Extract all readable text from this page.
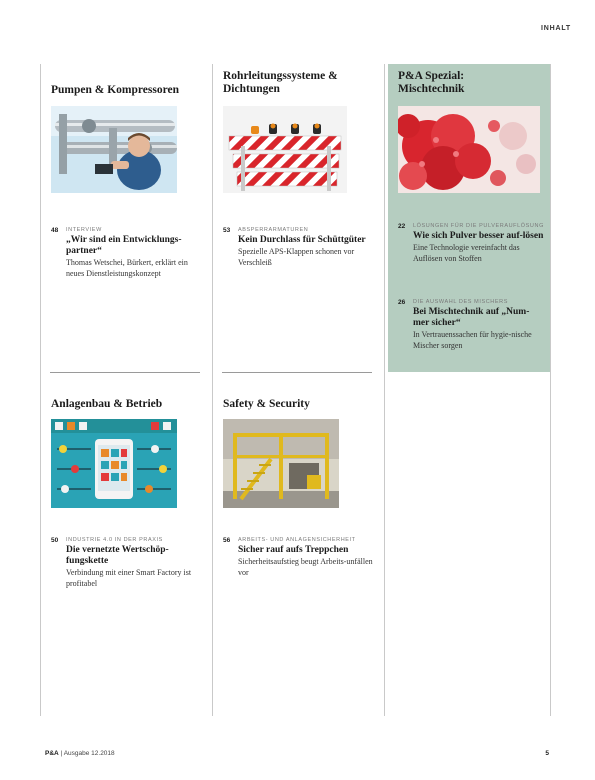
INHALT
Pumpen & Kompressoren
48	INTERVIEW
„Wir sind ein Entwicklungs-partner“
Thomas Wetschei, Bürkert, erklärt ein neues Dienstleistungskonzept
Rohrleitungssysteme & Dichtungen
53	ABSPERRARMATUREN
Kein Durchlass für Schüttgüter
Spezielle APS-Klappen schonen vor Verschleiß
P&A Spezial: Mischtechnik
22	LÖSUNGEN FÜR DIE PULVERAUFLÖSUNG
Wie sich Pulver besser auf-lösen
Eine Technologie vereinfacht das Auflösen von Stoffen
26	DIE AUSWAHL DES MISCHERS
Bei Mischtechnik auf „Num-mer sicher“
In Vertrauenssachen für hygie-nische Mischer sorgen
Anlagenbau & Betrieb
50	INDUSTRIE 4.0 IN DER PRAXIS
Die vernetzte Wertschöp-fungskette
Verbindung mit einer Smart Factory ist profitabel
Safety & Security
56	ARBEITS- UND ANLAGENSICHERHEIT
Sicher rauf aufs Treppchen
Sicherheitsaufstieg beugt Arbeits-unfällen vor
P&A | Ausgabe 12.2018	5
